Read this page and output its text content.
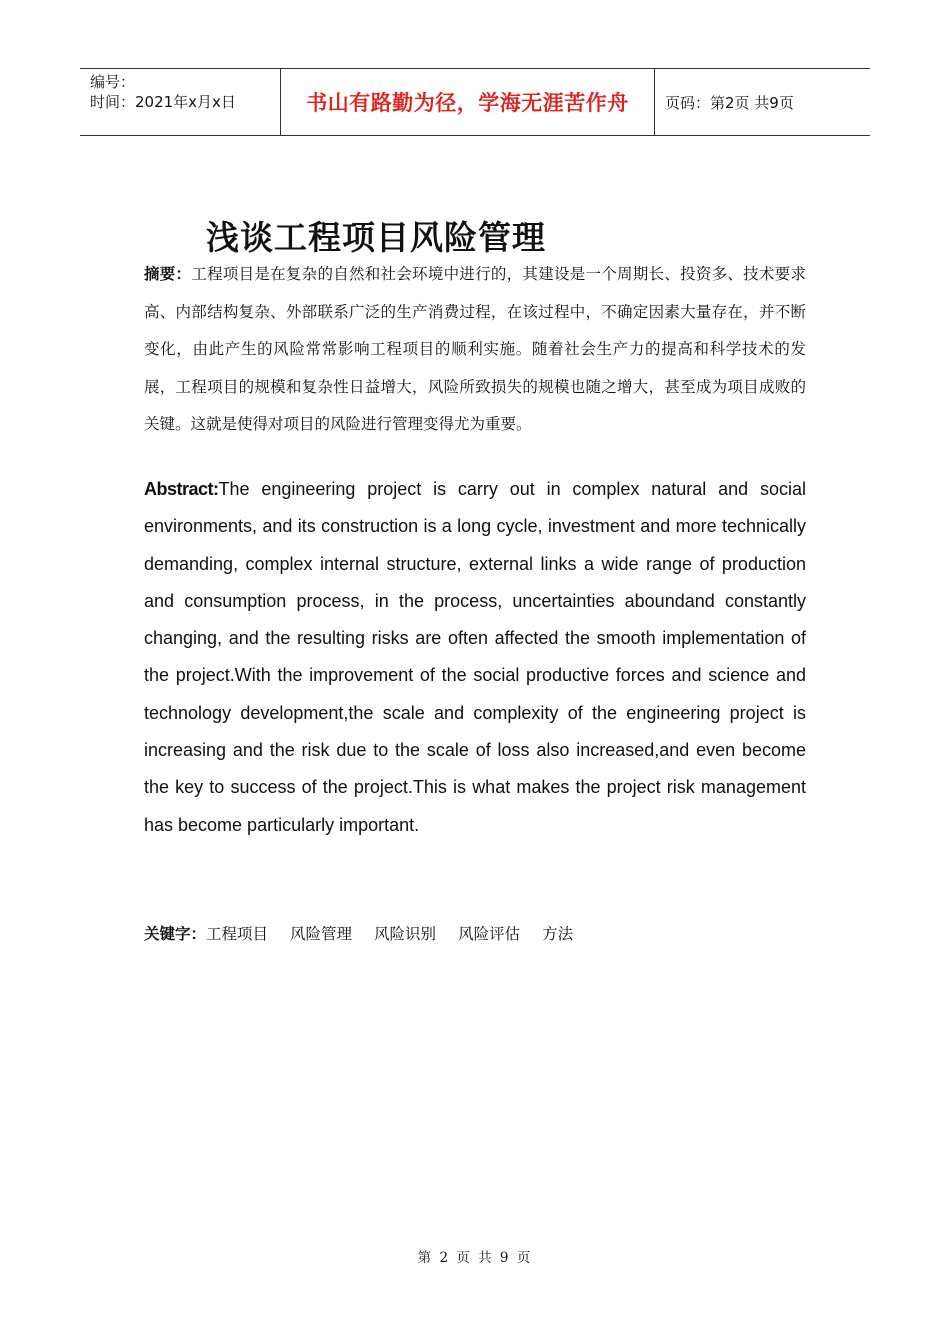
编号：
时间：2021年x月x日	书山有路勤为径，学海无涯苦作舟 页码：第2页 共9页
浅谈工程项目风险管理
摘要：工程项目是在复杂的自然和社会环境中进行的，其建设是一个周期长、投资多、技术要求高、内部结构复杂、外部联系广泛的生产消费过程，在该过程中，不确定因素大量存在，并不断变化，由此产生的风险常常影响工程项目的顺利实施。随着社会生产力的提高和科学技术的发展，工程项目的规模和复杂性日益增大，风险所致损失的规模也随之增大，甚至成为项目成败的关键。这就是使得对项目的风险进行管理变得尤为重要。
Abstract:The engineering project is carry out in complex natural and social environments, and its construction is a long cycle, investment and more technically demanding, complex internal structure, external links a wide range of production and consumption process, in the process, uncertainties aboundand constantly changing, and the resulting risks are often affected the smooth implementation of the project.With the improvement of the social productive forces and science and technology development,the scale and complexity of the engineering project is increasing and the risk due to the scale of loss also increased,and even become the key to success of the project.This is what makes the project risk management has become particularly important.
关键字：工程项目 风险管理 风险识别 风险评估 方法
第 2 页 共 9 页
